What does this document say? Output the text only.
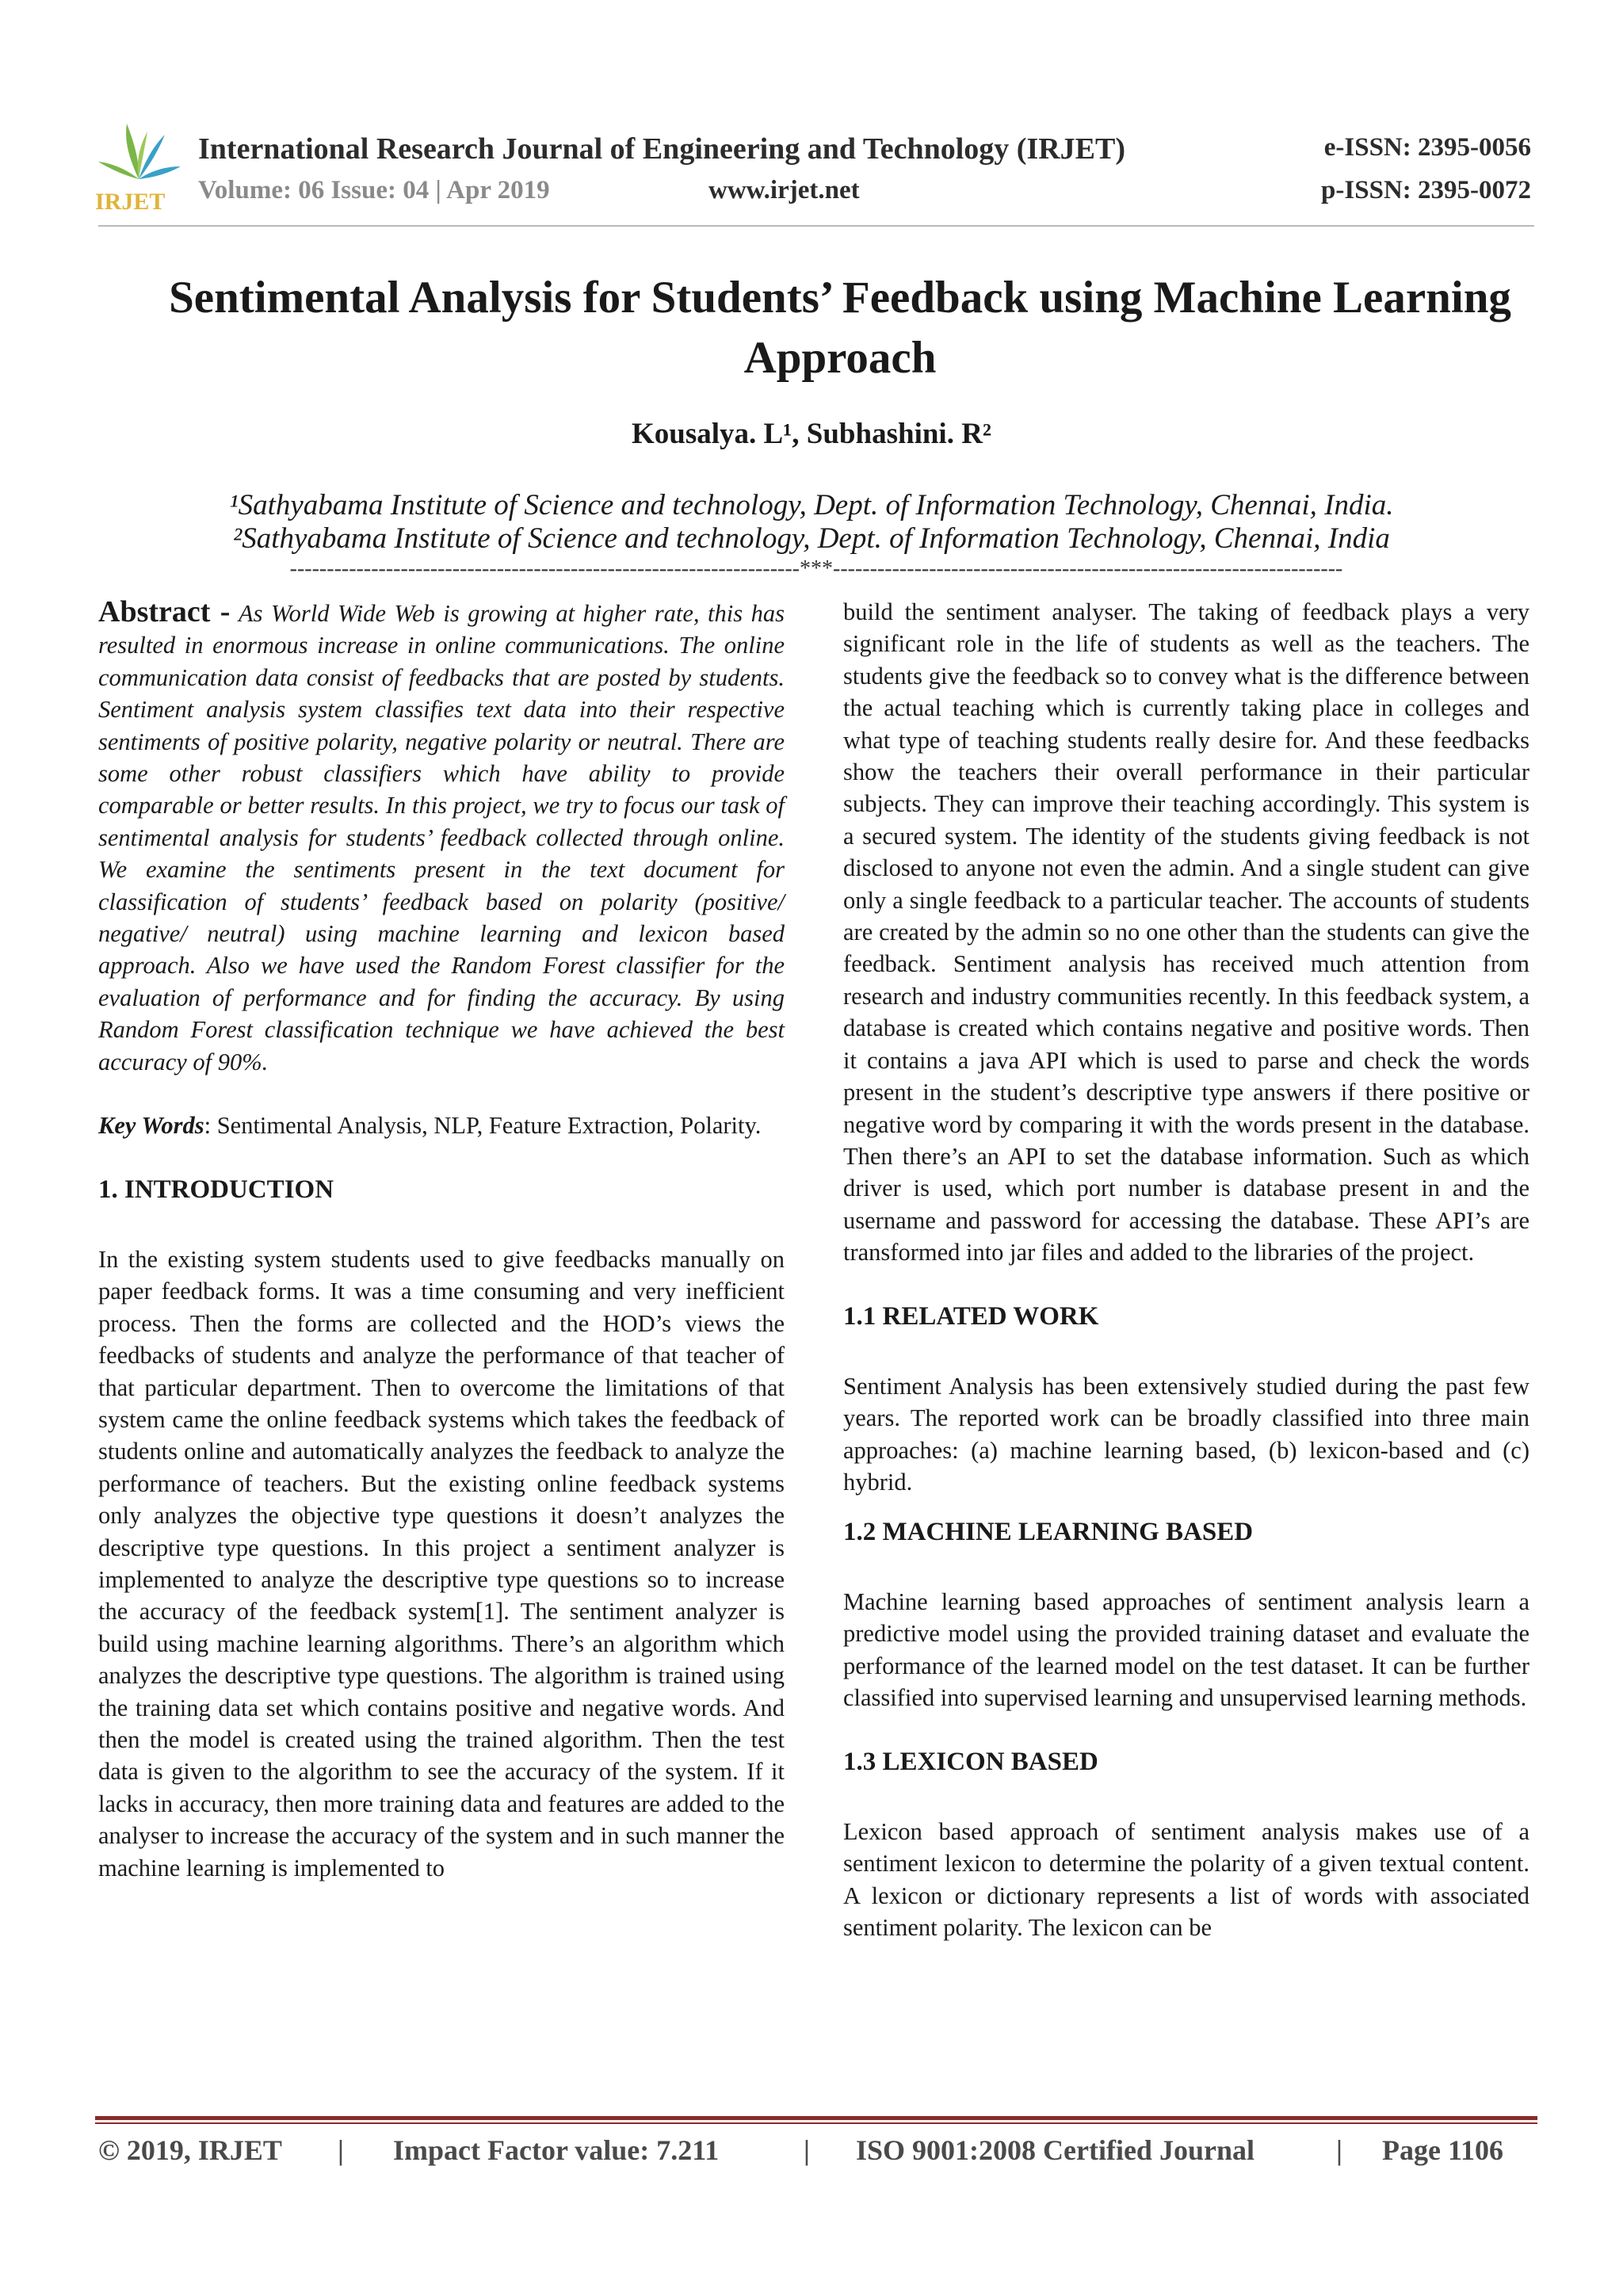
IRJET
International Research Journal of Engineering and Technology (IRJET)
Volume: 06 Issue: 04 | Apr 2019	www.irjet.net
e-ISSN: 2395-0056
p-ISSN: 2395-0072
Sentimental Analysis for Students’ Feedback using Machine Learning
Approach
Kousalya. L¹, Subhashini. R²
¹Sathyabama Institute of Science and technology, Dept. of Information Technology, Chennai, India.
²Sathyabama Institute of Science and technology, Dept. of Information Technology, Chennai, India
---------------------------------------------------------------------***---------------------------------------------------------------------

Abstract - As World Wide Web is growing at higher rate, this has resulted in enormous increase in online communications. The online communication data consist of feedbacks that are posted by students. Sentiment analysis system classifies text data into their respective sentiments of positive polarity, negative polarity or neutral. There are some other robust classifiers which have ability to provide comparable or better results. In this project, we try to focus our task of sentimental analysis for students’ feedback collected through online. We examine the sentiments present in the text document for classification of students’ feedback based on polarity (positive/ negative/ neutral) using machine learning and lexicon based approach. Also we have used the Random Forest classifier for the evaluation of performance and for finding the accuracy. By using Random Forest classification technique we have achieved the best accuracy of 90%.

Key Words: Sentimental Analysis, NLP, Feature Extraction, Polarity.

1. INTRODUCTION

In the existing system students used to give feedbacks manually on paper feedback forms. It was a time consuming and very inefficient process. Then the forms are collected and the HOD’s views the feedbacks of students and analyze the performance of that teacher of that particular department. Then to overcome the limitations of that system came the online feedback systems which takes the feedback of students online and automatically analyzes the feedback to analyze the performance of teachers. But the existing online feedback systems only analyzes the objective type questions it doesn’t analyzes the descriptive type questions. In this project a sentiment analyzer is implemented to analyze the descriptive type questions so to increase the accuracy of the feedback system[1]. The sentiment analyzer is build using machine learning algorithms. There’s an algorithm which analyzes the descriptive type questions. The algorithm is trained using the training data set which contains positive and negative words. And then the model is created using the trained algorithm. Then the test data is given to the algorithm to see the accuracy of the system. If it lacks in accuracy, then more training data and features are added to the analyser to increase the accuracy of the system and in such manner the machine learning is implemented to

build the sentiment analyser. The taking of feedback plays a very significant role in the life of students as well as the teachers. The students give the feedback so to convey what is the difference between the actual teaching which is currently taking place in colleges and what type of teaching students really desire for. And these feedbacks show the teachers their overall performance in their particular subjects. They can improve their teaching accordingly. This system is a secured system. The identity of the students giving feedback is not disclosed to anyone not even the admin. And a single student can give only a single feedback to a particular teacher. The accounts of students are created by the admin so no one other than the students can give the feedback. Sentiment analysis has received much attention from research and industry communities recently. In this feedback system, a database is created which contains negative and positive words. Then it contains a java API which is used to parse and check the words present in the student’s descriptive type answers if there positive or negative word by comparing it with the words present in the database. Then there’s an API to set the database information. Such as which driver is used, which port number is database present in and the username and password for accessing the database. These API’s are transformed into jar files and added to the libraries of the project.

1.1 RELATED WORK

Sentiment Analysis has been extensively studied during the past few years. The reported work can be broadly classified into three main approaches: (a) machine learning based, (b) lexicon-based and (c) hybrid.

1.2 MACHINE LEARNING BASED

Machine learning based approaches of sentiment analysis learn a predictive model using the provided training dataset and evaluate the performance of the learned model on the test dataset. It can be further classified into supervised learning and unsupervised learning methods.

1.3 LEXICON BASED

Lexicon based approach of sentiment analysis makes use of a sentiment lexicon to determine the polarity of a given textual content. A lexicon or dictionary represents a list of words with associated sentiment polarity. The lexicon can be

© 2019, IRJET | Impact Factor value: 7.211	| ISO 9001:2008 Certified Journal	| Page 1106
